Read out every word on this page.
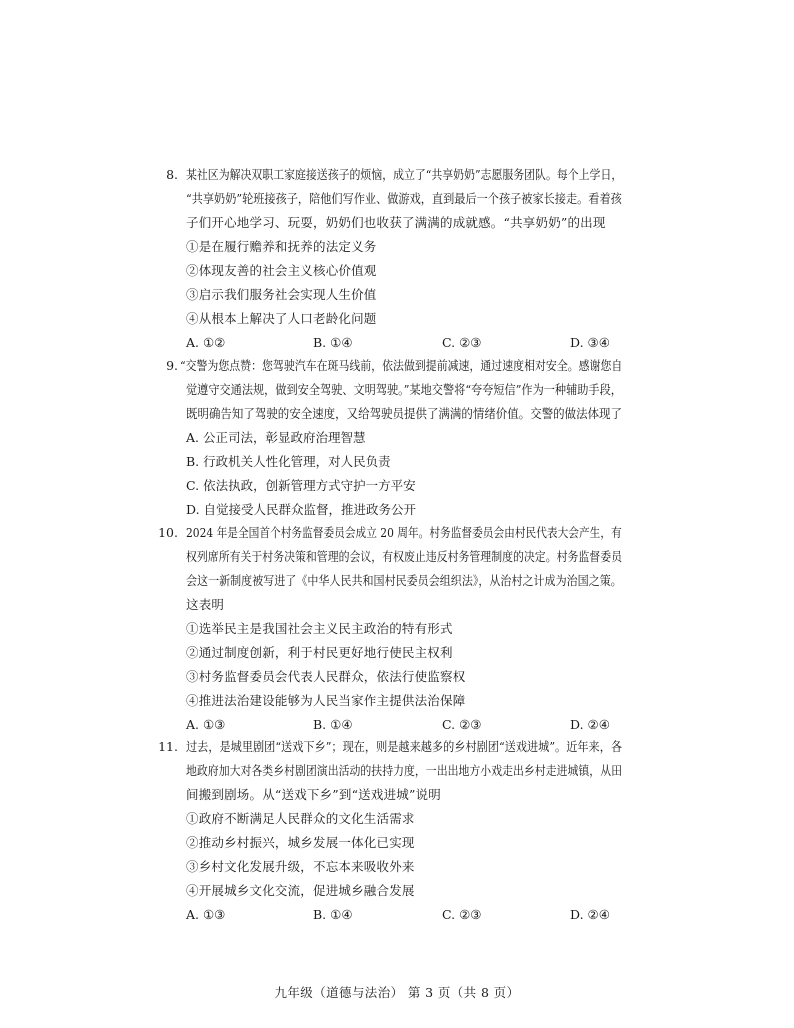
8. 某社区为解决双职工家庭接送孩子的烦恼，成立了“共享奶奶”志愿服务团队。每个上学日，
“共享奶奶”轮班接孩子，陪他们写作业、做游戏，直到最后一个孩子被家长接走。看着孩
子们开心地学习、玩耍，奶奶们也收获了满满的成就感。“共享奶奶”的出现
①是在履行赡养和抚养的法定义务
②体现友善的社会主义核心价值观
③启示我们服务社会实现人生价值
④从根本上解决了人口老龄化问题
A. ①②	B. ①④	C. ②③	D. ③④
9. “交警为您点赞：您驾驶汽车在斑马线前，依法做到提前减速，通过速度相对安全。感谢您自
觉遵守交通法规，做到安全驾驶、文明驾驶。”某地交警将“夸夸短信”作为一种辅助手段，
既明确告知了驾驶的安全速度，又给驾驶员提供了满满的情绪价值。交警的做法体现了
A. 公正司法，彰显政府治理智慧
B. 行政机关人性化管理，对人民负责
C. 依法执政，创新管理方式守护一方平安
D. 自觉接受人民群众监督，推进政务公开
10. 2024 年是全国首个村务监督委员会成立 20 周年。村务监督委员会由村民代表大会产生，有
权列席所有关于村务决策和管理的会议，有权废止违反村务管理制度的决定。村务监督委员
会这一新制度被写进了《中华人民共和国村民委员会组织法》，从治村之计成为治国之策。
这表明
①选举民主是我国社会主义民主政治的特有形式
②通过制度创新，利于村民更好地行使民主权利
③村务监督委员会代表人民群众，依法行使监察权
④推进法治建设能够为人民当家作主提供法治保障
A. ①③	B. ①④	C. ②③	D. ②④
11. 过去，是城里剧团“送戏下乡”；现在，则是越来越多的乡村剧团“送戏进城”。近年来，各
地政府加大对各类乡村剧团演出活动的扶持力度，一出出地方小戏走出乡村走进城镇，从田
间搬到剧场。从“送戏下乡”到“送戏进城”说明
①政府不断满足人民群众的文化生活需求
②推动乡村振兴，城乡发展一体化已实现
③乡村文化发展升级，不忘本来吸收外来
④开展城乡文化交流，促进城乡融合发展
A. ①③	B. ①④	C. ②③	D. ②④
九年级（道德与法治） 第 3 页（共 8 页）
